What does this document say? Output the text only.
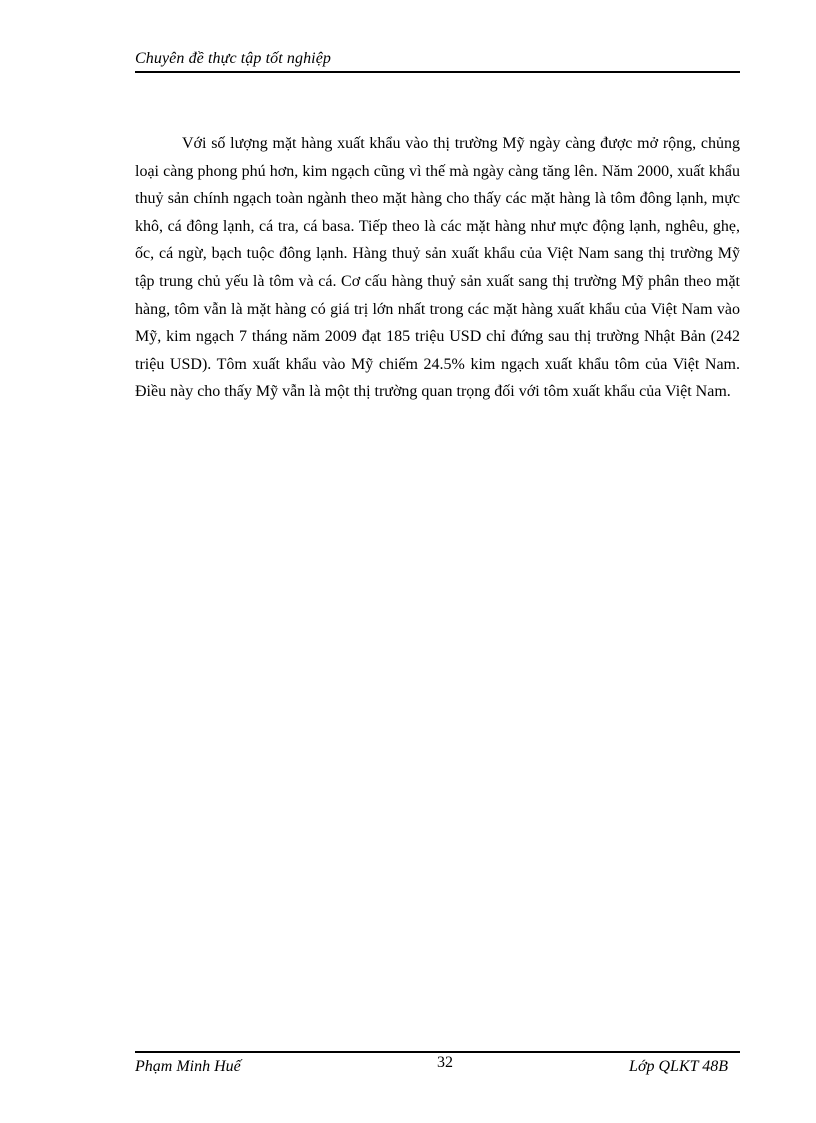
Chuyên đề thực tập tốt nghiệp

Với số lượng mặt hàng xuất khẩu vào thị trường Mỹ ngày càng được mở rộng, chủng loại càng phong phú hơn, kim ngạch cũng vì thế mà ngày càng tăng lên. Năm 2000, xuất khẩu thuỷ sản chính ngạch toàn ngành theo mặt hàng cho thấy các mặt hàng là tôm đông lạnh, mực khô, cá đông lạnh, cá tra, cá basa. Tiếp theo là các mặt hàng như mực động lạnh, nghêu, ghẹ, ốc, cá ngừ, bạch tuộc đông lạnh. Hàng thuỷ sản xuất khẩu của Việt Nam sang thị trường Mỹ tập trung chủ yếu là tôm và cá. Cơ cấu hàng thuỷ sản xuất sang thị trường Mỹ phân theo mặt hàng, tôm vẫn là mặt hàng có giá trị lớn nhất trong các mặt hàng xuất khẩu của Việt Nam vào Mỹ, kim ngạch 7 tháng năm 2009 đạt 185 triệu USD chỉ đứng sau thị trường Nhật Bản (242 triệu USD). Tôm xuất khẩu vào Mỹ chiếm 24.5% kim ngạch xuất khẩu tôm của Việt Nam. Điều này cho thấy Mỹ vẫn là một thị trường quan trọng đối với tôm xuất khẩu của Việt Nam.

Phạm Minh Huế	32	Lớp QLKT 48B
